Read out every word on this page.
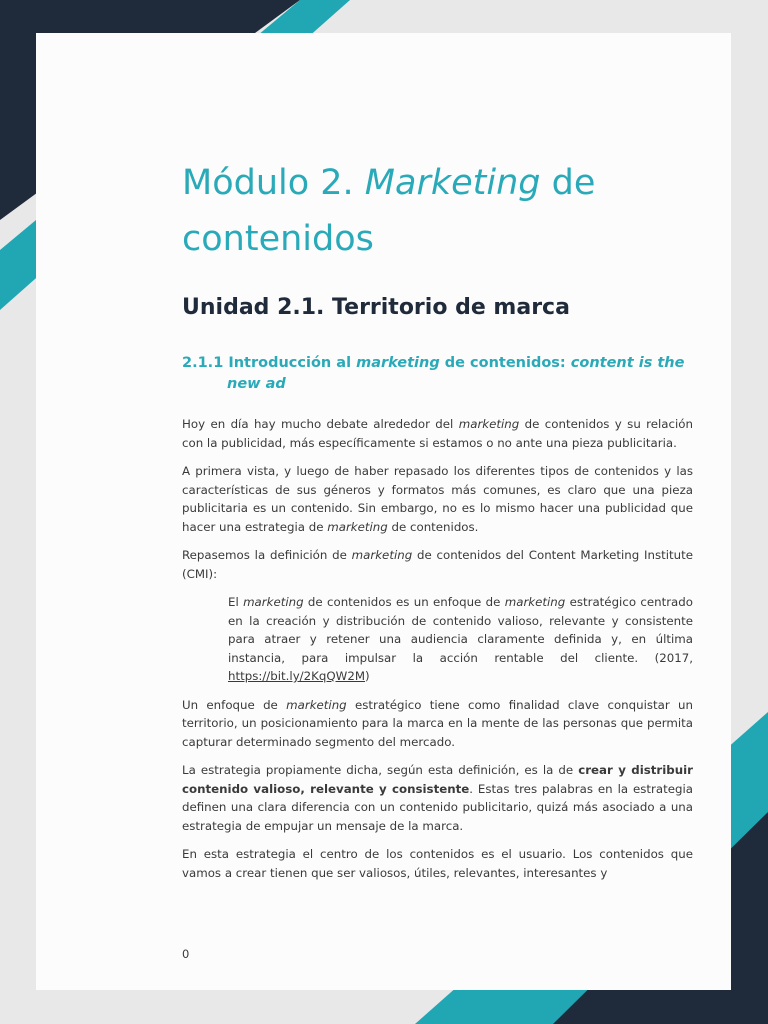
Módulo 2. Marketing de contenidos
Unidad 2.1. Territorio de marca
2.1.1 Introducción al marketing de contenidos: content is the
new ad

Hoy en día hay mucho debate alrededor del marketing de contenidos y su relación con la publicidad, más específicamente si estamos o no ante una pieza publicitaria.

A primera vista, y luego de haber repasado los diferentes tipos de contenidos y las características de sus géneros y formatos más comunes, es claro que una pieza publicitaria es un contenido. Sin embargo, no es lo mismo hacer una publicidad que hacer una estrategia de marketing de contenidos.

Repasemos la definición de marketing de contenidos del Content Marketing Institute (CMI):

El marketing de contenidos es un enfoque de marketing estratégico centrado en la creación y distribución de contenido valioso, relevante y consistente para atraer y retener una audiencia claramente definida y, en última instancia, para impulsar la acción rentable del cliente. (2017, https://bit.ly/2KqQW2M)

Un enfoque de marketing estratégico tiene como finalidad clave conquistar un territorio, un posicionamiento para la marca en la mente de las personas que permita capturar determinado segmento del mercado.

La estrategia propiamente dicha, según esta definición, es la de crear y distribuir contenido valioso, relevante y consistente. Estas tres palabras en la estrategia definen una clara diferencia con un contenido publicitario, quizá más asociado a una estrategia de empujar un mensaje de la marca.

En esta estrategia el centro de los contenidos es el usuario. Los contenidos que vamos a crear tienen que ser valiosos, útiles, relevantes, interesantes y

0
